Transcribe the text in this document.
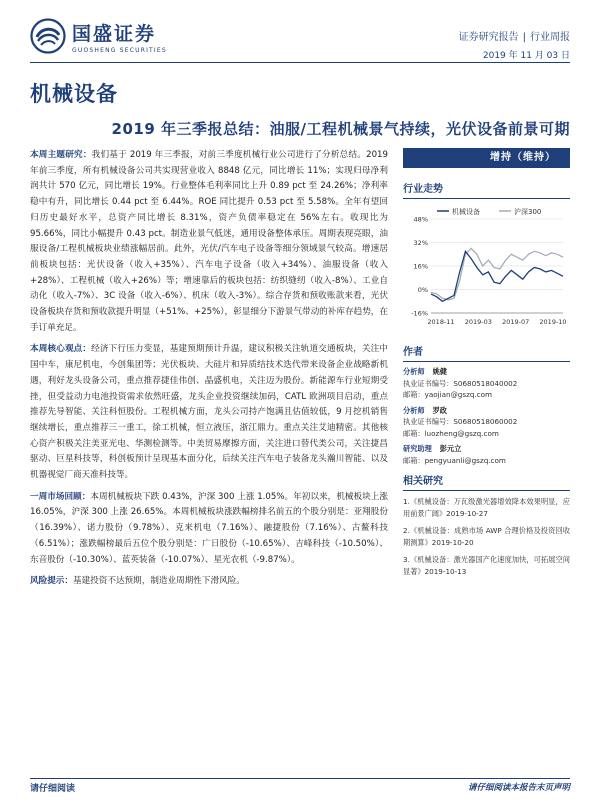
国盛证券
GUOSHENG SECURITIES
证券研究报告 | 行业周报
2019 年 11 月 03 日
机械设备
2019 年三季报总结：油服/工程机械景气持续，光伏设备前景可期

本周主题研究：我们基于 2019 年三季报，对前三季度机械行业公司进行了分析总结。2019 年前三季度，所有机械设备公司共实现营业收入 8848 亿元，同比增长 11%；实现归母净利润共计 570 亿元，同比增长 19%。行业整体毛利率同比上升 0.89 pct 至 24.26%；净利率稳中有升，同比增长 0.44 pct 至 6.44%。ROE 同比提升 0.53 pct 至 5.58%。全年有望回归历史最好水平，总资产同比增长 8.31%，资产负债率稳定在 56%左右。收现比为 95.66%，同比小幅提升 0.43 pct。制造业景气低迷，通用设备整体承压。周期表现亮眼，油服设备/工程机械板块业绩涨幅居前。此外，光伏/汽车电子设备等细分领域景气较高。增速居前板块包括：光伏设备（收入+35%）、汽车电子设备（收入+34%）、油服设备（收入+28%）、工程机械（收入+26%）等；增速靠后的板块包括：纺织缝纫（收入-8%）、工业自动化（收入-7%）、3C 设备（收入-6%）、机床（收入-3%）。综合存货和预收账款来看，光伏设备板块存货和预收款提升明显（+51%、+25%），彰显细分下游景气带动的补库存趋势，在手订单充足。

本周核心观点：经济下行压力变显，基建预期预计升温，建议积极关注轨道交通板块，关注中国中车，康尼机电，今创集团等；光伏板块、大硅片和异质结技术迭代带来设备企业战略新机遇，利好龙头设备公司，重点推荐捷佳伟创、晶盛机电，关注迈为股份。新能源车行业短期受挫，但受益动力电池投资需求依然旺盛，龙头企业投资继续加码，CATL 欧洲项目启动，重点推荐先导智能、关注科恒股份。工程机械方面，龙头公司持产饱满且估值较低，9 月挖机销售继续增长，重点推荐三一重工，徐工机械，恒立液压，浙江鼎力。重点关注艾迪精密。其他核心资产积极关注美亚光电、华测检测等。中美贸易摩擦方面，关注进口替代类公司，关注捷昌驱动、巨星科技等，科创板预计呈现基本面分化，后续关注汽车电子装备龙头瀚川智能、以及机器视觉厂商天准科技等。

一周市场回顾：本周机械板块下跌 0.43%，沪深 300 上涨 1.05%。年初以来，机械板块上涨 16.05%，沪深 300 上涨 26.65%。本周机械板块涨跌幅榜排名前五的个股分别是：亚翔股份（16.39%）、诺力股份（9.78%）、克来机电（7.16%）、融捷股份（7.16%）、古鳌科技（6.51%）；涨跌幅榜最后五位个股分别是：广日股份（-10.65%）、吉峰科技（-10.50%）、东音股份（-10.30%）、蓝英装备（-10.07%）、星光农机（-9.87%）。

风险提示：基建投资不达预期，制造业周期性下滑风险。

增持（维持）
行业走势
机械设备	沪深300
48%
32%
16%
0%
-16%
2018-11 2019-03 2019-07 2019-10
作者
分析师 姚健
执业证书编号：S0680518040002
邮箱：yaojian@gszq.com
分析师 罗政
执业证书编号：S0680518060002
邮箱：luozheng@gszq.com
研究助理 彭元立
邮箱：pengyuanli@gszq.com
相关研究
1.《机械设备：万瓦级激光器增效降本效果明显，应用前景广阔》2019-10-27
2.《机械设备：成熟市场 AWP 合理价格及投资回收期测算》2019-10-20
3.《机械设备：激光器国产化速度加快，可拓展空间显著》2019-10-13
请仔细阅读	请仔细阅读本报告末页声明
